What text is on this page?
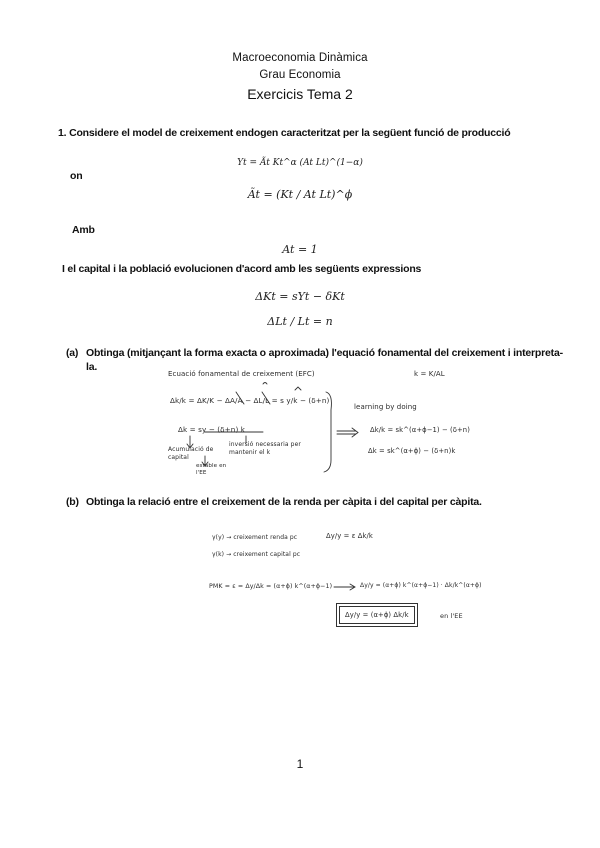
Macroeconomia Dinàmica
Grau Economia
Exercicis Tema 2
1. Considere el model de creixement endogen caracteritzat per la següent funció de producció
Yt = Ãt Kt^α (At Lt)^(1−α)
on
Ãt = (Kt / At Lt)^ϕ
Amb
At = 1
I el capital i la població evolucionen d'acord amb les següents expressions
ΔKt = sYt − δKt
ΔLt / Lt = n
(a) Obtinga (mitjançant la forma exacta o aproximada) l'equació fonamental del creixement i interpreta-
la.
Ecuació fonamental de creixement (EFC)	k = K/AL
Δk/k = ΔK/K − ΔA/A − ΔL/L = s y/k − (δ+n)
Δk = sy − (δ+n) k
Acumulació de capital
inversió necessaria per mantenir el k
estable en l'EE
learning by doing
Δk/k = sk^(α+ϕ−1) − (δ+n)
Δk = sk^(α+ϕ) − (δ+n)k
(b) Obtinga la relació entre el creixement de la renda per càpita i del capital per càpita.
γ(y) → creixement renda pc	Δy/y = ε Δk/k
γ(k) → creixement capital pc
PMK = ε = Δy/Δk = (α+ϕ) k^(α+ϕ−1)	Δy/y = (α+ϕ) k^(α+ϕ−1) · Δk/k^(α+ϕ)
Δy/y = (α+ϕ) Δk/k	en l'EE
1
